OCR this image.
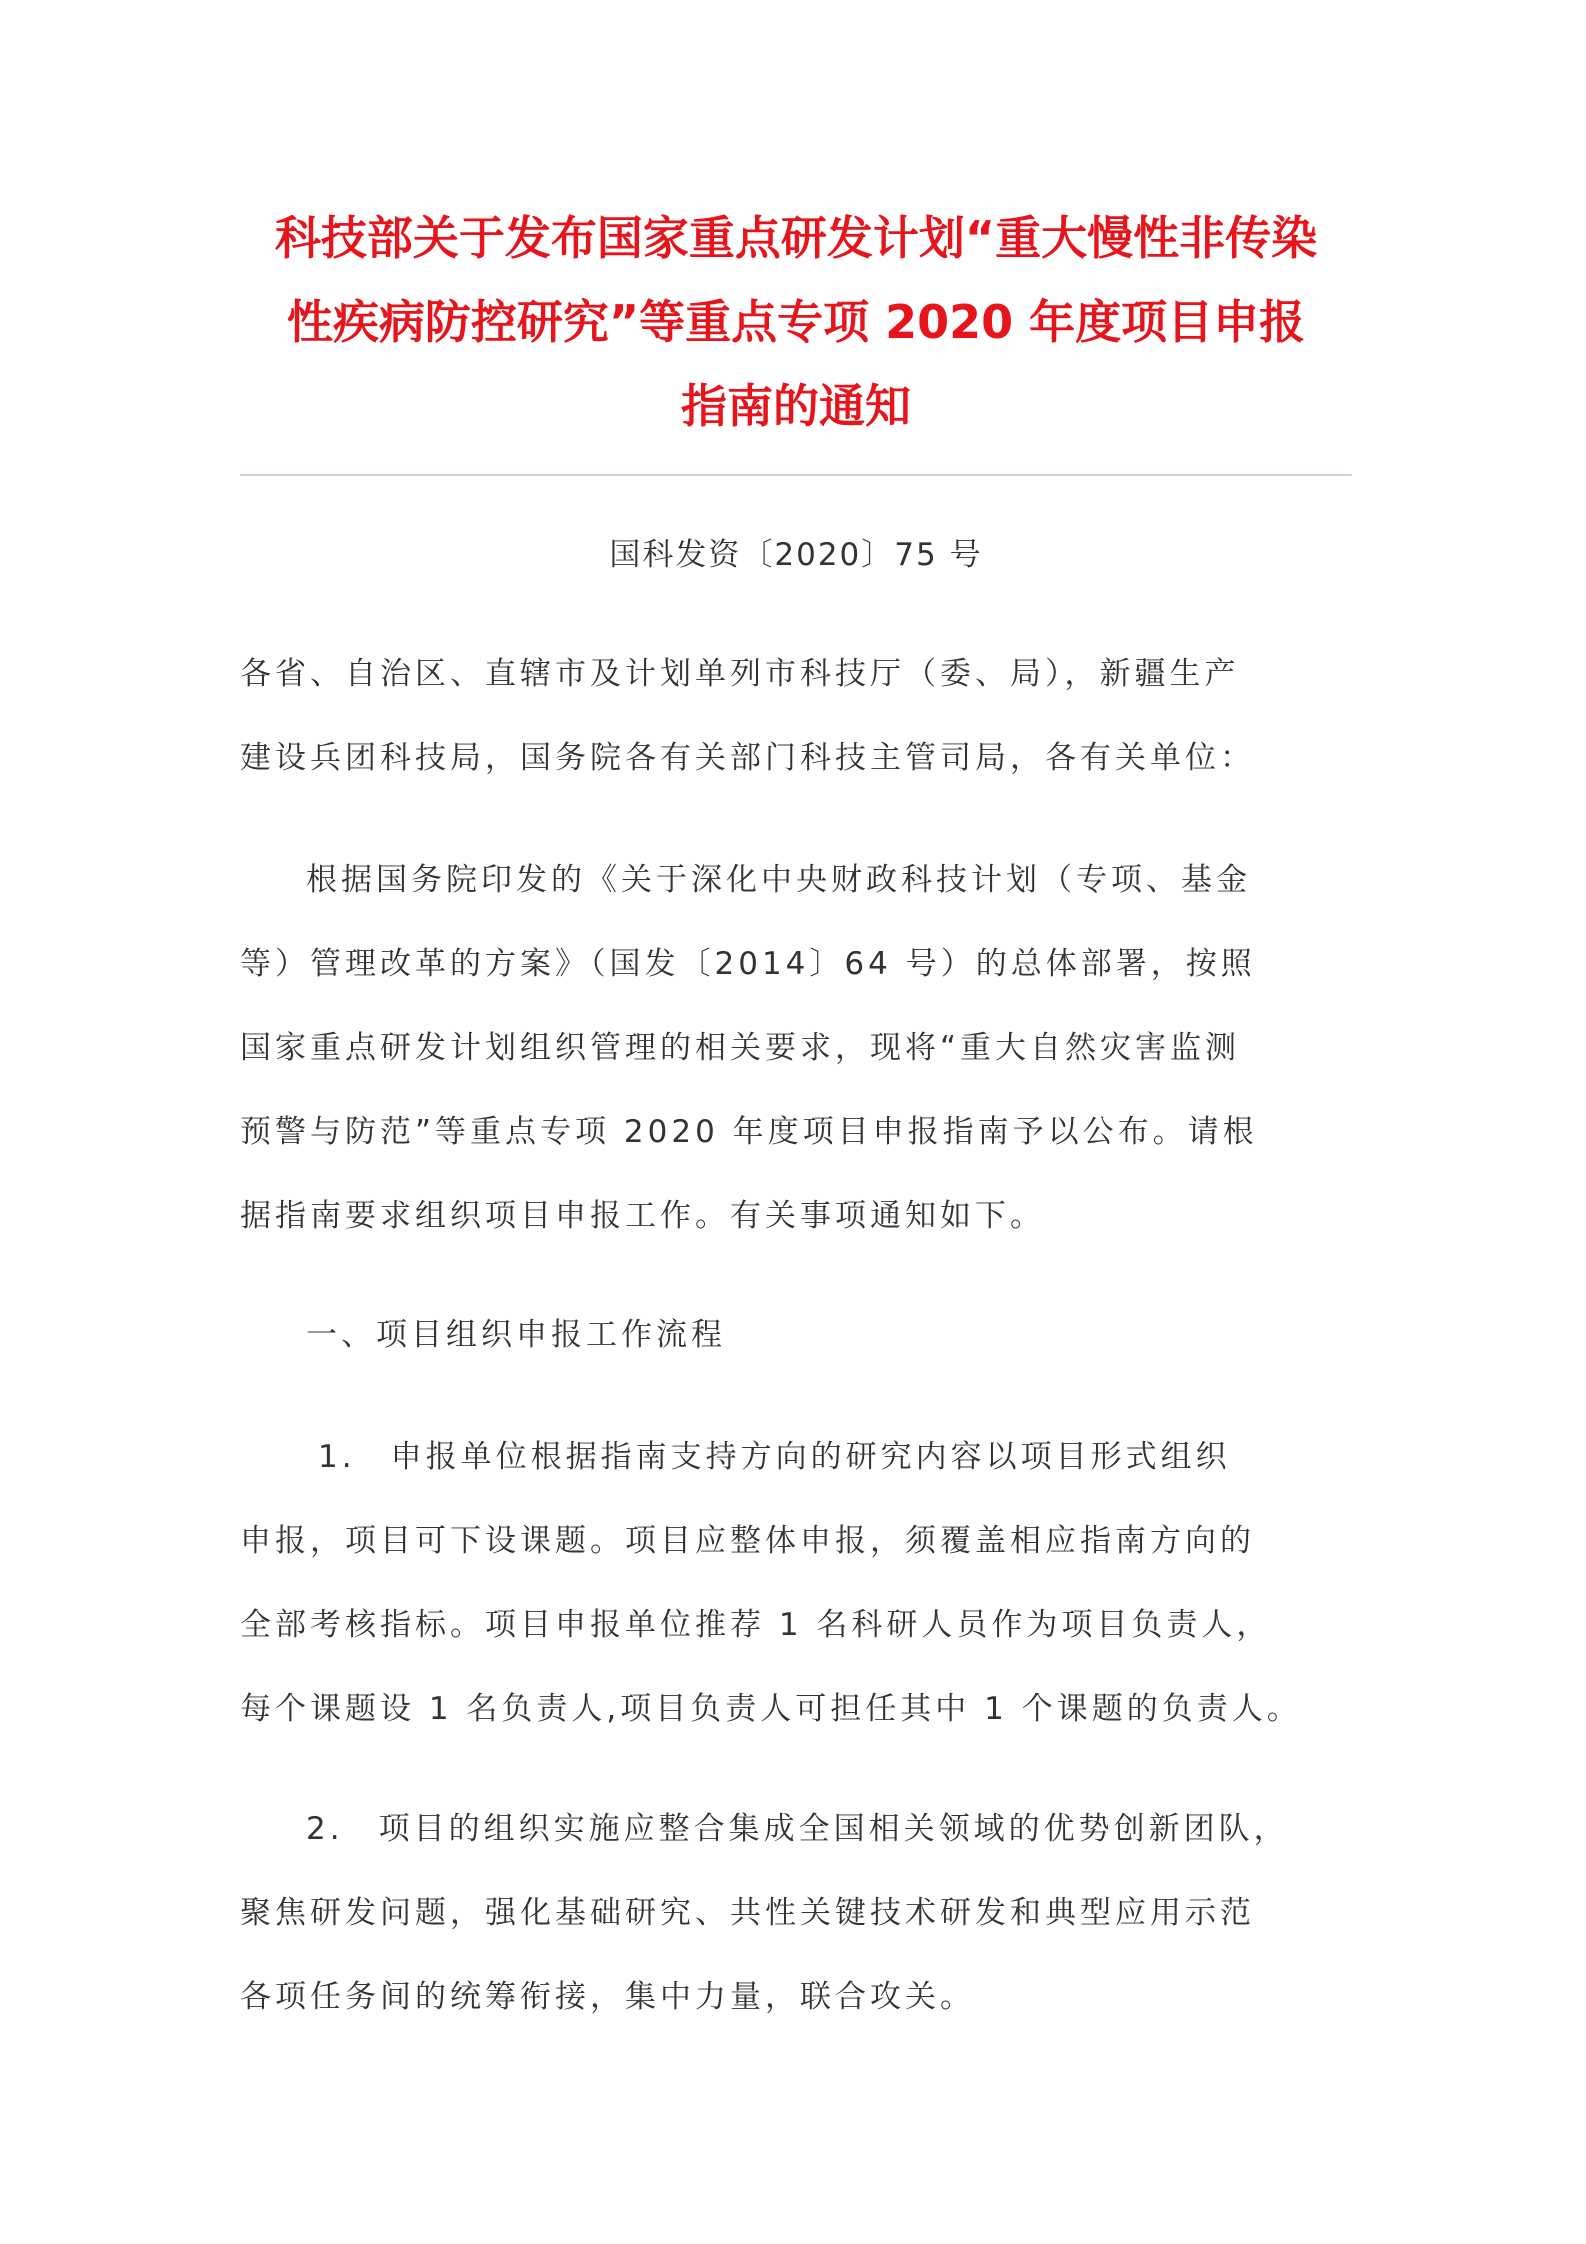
科技部关于发布国家重点研发计划“重大慢性非传染
性疾病防控研究”等重点专项 2020 年度项目申报
指南的通知
国科发资〔2020〕75 号
各省、自治区、直辖市及计划单列市科技厅（委、局），新疆生产
建设兵团科技局，国务院各有关部门科技主管司局，各有关单位：
根据国务院印发的《关于深化中央财政科技计划（专项、基金
等）管理改革的方案》（国发〔2014〕64 号）的总体部署，按照
国家重点研发计划组织管理的相关要求，现将“重大自然灾害监测
预警与防范”等重点专项 2020 年度项目申报指南予以公布。请根
据指南要求组织项目申报工作。有关事项通知如下。
一、项目组织申报工作流程
1.　申报单位根据指南支持方向的研究内容以项目形式组织
申报，项目可下设课题。项目应整体申报，须覆盖相应指南方向的
全部考核指标。项目申报单位推荐 1 名科研人员作为项目负责人，
每个课题设 1 名负责人,项目负责人可担任其中 1 个课题的负责人。
2.　项目的组织实施应整合集成全国相关领域的优势创新团队，
聚焦研发问题，强化基础研究、共性关键技术研发和典型应用示范
各项任务间的统筹衔接，集中力量，联合攻关。
